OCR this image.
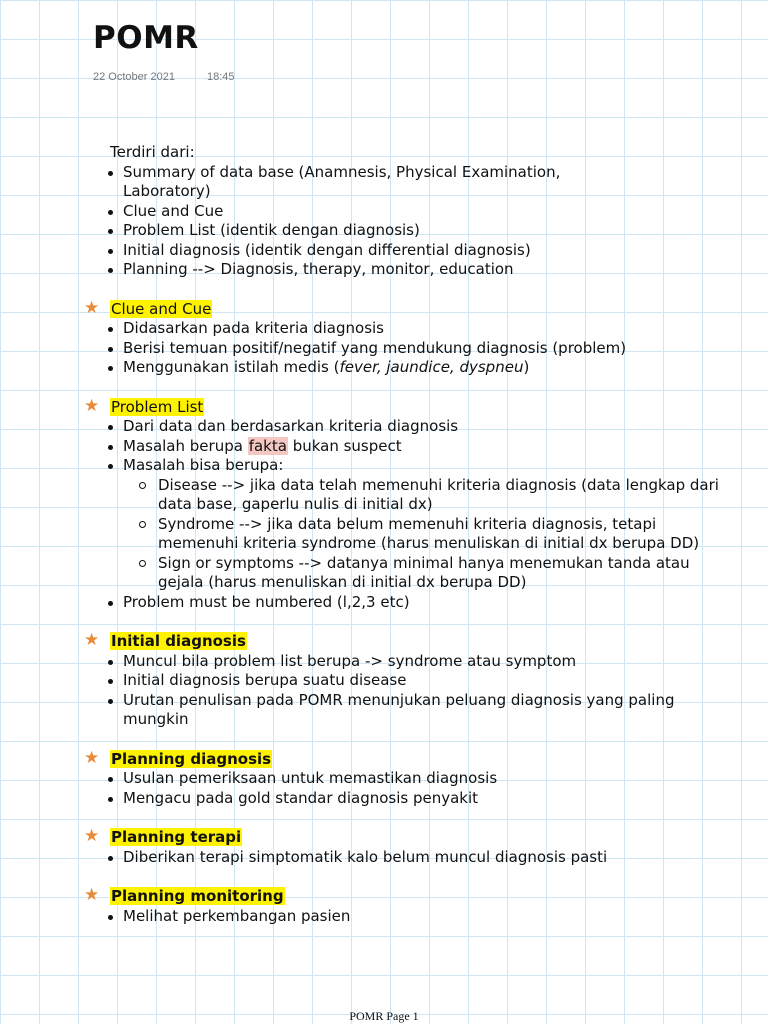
POMR
22 October 2021	18:45
Terdiri dari:
Summary of data base (Anamnesis, Physical Examination, Laboratory)
Clue and Cue
Problem List (identik dengan diagnosis)
Initial diagnosis (identik dengan differential diagnosis)
Planning --> Diagnosis, therapy, monitor, education
★ Clue and Cue
Didasarkan pada kriteria diagnosis
Berisi temuan positif/negatif yang mendukung diagnosis (problem)
Menggunakan istilah medis (fever, jaundice, dyspneu)
★ Problem List
Dari data dan berdasarkan kriteria diagnosis
Masalah berupa fakta bukan suspect
Masalah bisa berupa:
Disease --> jika data telah memenuhi kriteria diagnosis (data lengkap dari data base, gaperlu nulis di initial dx)
Syndrome --> jika data belum memenuhi kriteria diagnosis, tetapi memenuhi kriteria syndrome (harus menuliskan di initial dx berupa DD)
Sign or symptoms --> datanya minimal hanya menemukan tanda atau gejala (harus menuliskan di initial dx berupa DD)
Problem must be numbered (l,2,3 etc)
★ Initial diagnosis
Muncul bila problem list berupa -> syndrome atau symptom
Initial diagnosis berupa suatu disease
Urutan penulisan pada POMR menunjukan peluang diagnosis yang paling mungkin
★ Planning diagnosis
Usulan pemeriksaan untuk memastikan diagnosis
Mengacu pada gold standar diagnosis penyakit
★ Planning terapi
Diberikan terapi simptomatik kalo belum muncul diagnosis pasti
★ Planning monitoring
Melihat perkembangan pasien
POMR Page 1
